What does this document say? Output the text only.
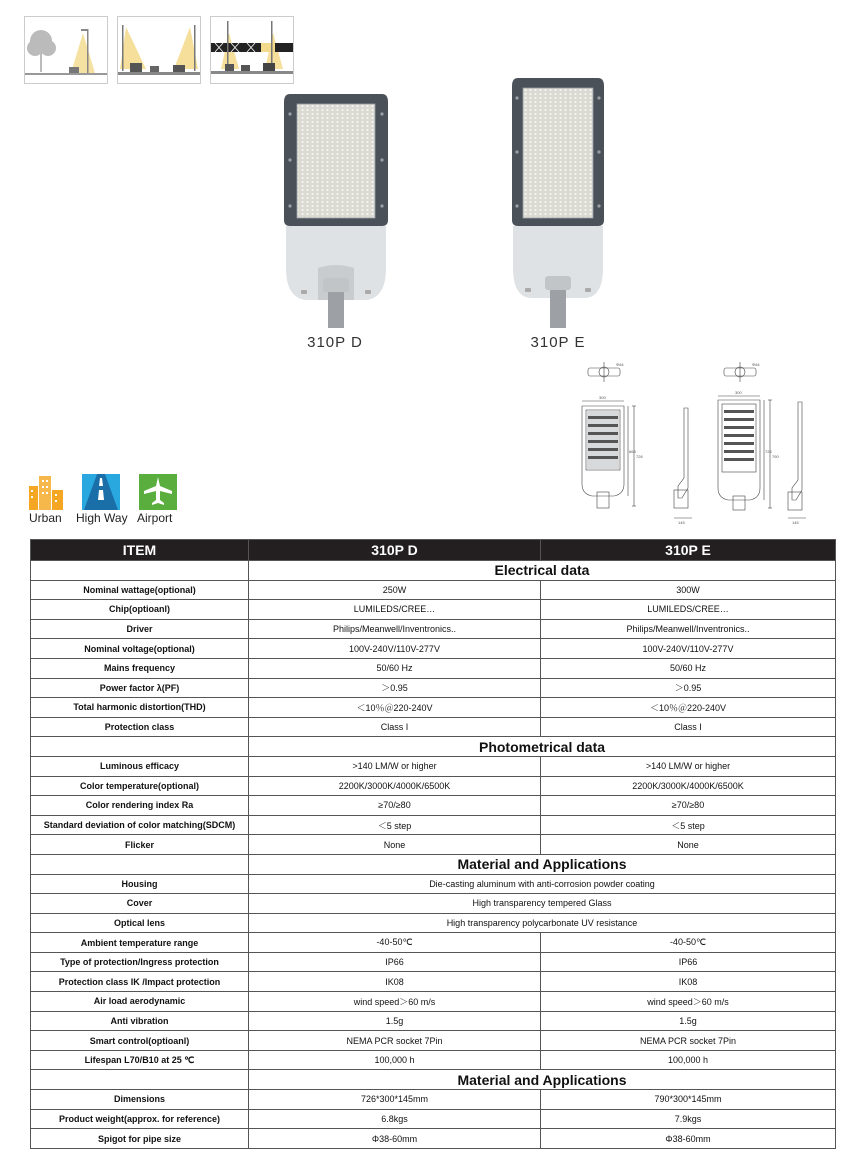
310P D	310P E
Φ64
300
663
726
145
Φ64
300
726
790
145
Urban High Way Airport
ITEM	310P D	310P E
	Electrical data	
Nominal wattage(optional)	250W	300W
Chip(optioanl)	LUMILEDS/CREE…	LUMILEDS/CREE…
Driver	Philips/Meanwell/Inventronics..	Philips/Meanwell/Inventronics..
Nominal voltage(optional)	100V-240V/110V-277V	100V-240V/110V-277V
Mains frequency	50/60 Hz	50/60 Hz
Power factor λ(PF)	＞0.95	＞0.95
Total harmonic distortion(THD)	＜10％＠220-240V	＜10％＠220-240V
Protection class	Class I	Class I
	Photometrical data	
Luminous efficacy	>140 LM/W or higher	>140 LM/W or higher
Color temperature(optional)	2200K/3000K/4000K/6500K	2200K/3000K/4000K/6500K
Color rendering index Ra	≥70/≥80	≥70/≥80
Standard deviation of color matching(SDCM)	＜5 step	＜5 step
Flicker	None	None
	Material and Applications	
Housing	Die-casting aluminum with anti-corrosion powder coating	
Cover	High transparency tempered Glass	
Optical lens	High transparency polycarbonate UV resistance	
Ambient temperature range	-40-50℃	-40-50℃
Type of protection/Ingress protection	IP66	IP66
Protection class IK /Impact protection	IK08	IK08
Air load aerodynamic	wind speed＞60 m/s	wind speed＞60 m/s
Anti vibration	1.5g	1.5g
Smart control(optioanl)	NEMA PCR socket 7Pin	NEMA PCR socket 7Pin
Lifespan L70/B10 at 25 ℃	100,000 h	100,000 h
	Material and Applications	
Dimensions	726*300*145mm	790*300*145mm
Product weight(approx. for reference)	6.8kgs	7.9kgs
Spigot for pipe size	Φ38-60mm	Φ38-60mm
